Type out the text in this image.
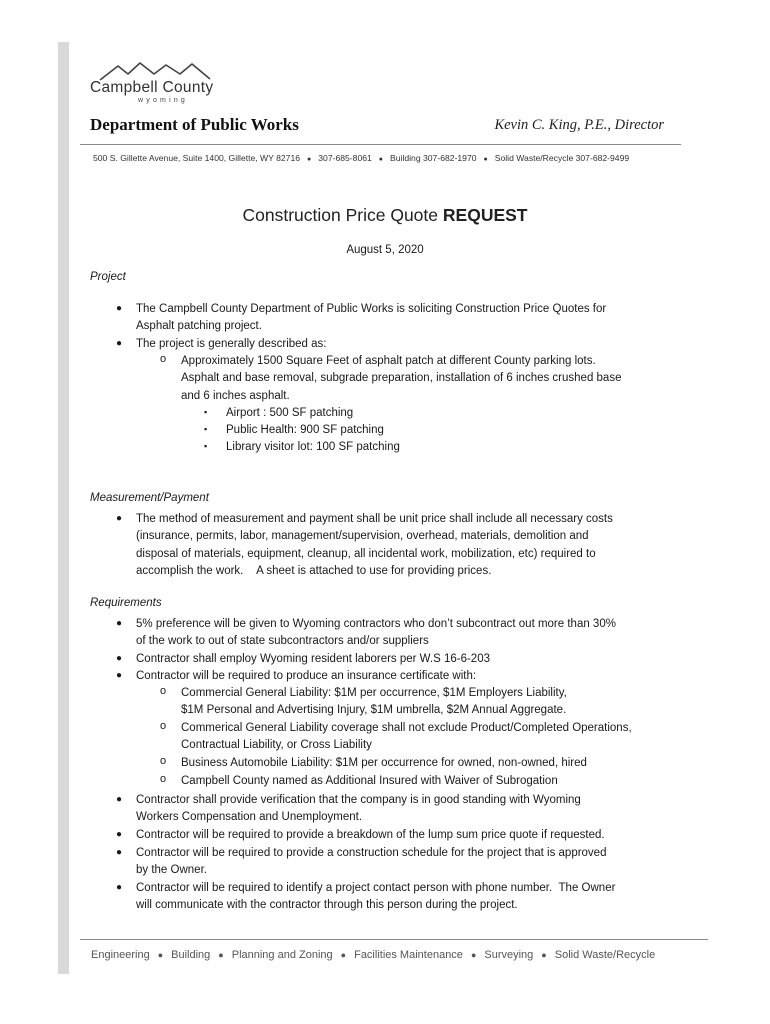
Campbell County
wyoming
Department of Public Works	Kevin C. King, P.E., Director
500 S. Gillette Avenue, Suite 1400, Gillette, WY 82716 ● 307-685-8061 ● Building 307-682-1970 ● Solid Waste/Recycle 307-682-9499
Construction Price Quote REQUEST
August 5, 2020
Project
● The Campbell County Department of Public Works is soliciting Construction Price Quotes for
Asphalt patching project.
● The project is generally described as:
o Approximately 1500 Square Feet of asphalt patch at different County parking lots.
Asphalt and base removal, subgrade preparation, installation of 6 inches crushed base
and 6 inches asphalt.
▪ Airport : 500 SF patching
▪ Public Health: 900 SF patching
▪ Library visitor lot: 100 SF patching
Measurement/Payment
● The method of measurement and payment shall be unit price shall include all necessary costs
(insurance, permits, labor, management/supervision, overhead, materials, demolition and
disposal of materials, equipment, cleanup, all incidental work, mobilization, etc) required to
accomplish the work.    A sheet is attached to use for providing prices.
Requirements
● 5% preference will be given to Wyoming contractors who don’t subcontract out more than 30%
of the work to out of state subcontractors and/or suppliers
● Contractor shall employ Wyoming resident laborers per W.S 16-6-203
● Contractor will be required to produce an insurance certificate with:
o Commercial General Liability: $1M per occurrence, $1M Employers Liability,
$1M Personal and Advertising Injury, $1M umbrella, $2M Annual Aggregate.
o Commerical General Liability coverage shall not exclude Product/Completed Operations,
Contractual Liability, or Cross Liability
o Business Automobile Liability: $1M per occurrence for owned, non-owned, hired
o Campbell County named as Additional Insured with Waiver of Subrogation
● Contractor shall provide verification that the company is in good standing with Wyoming
Workers Compensation and Unemployment.
● Contractor will be required to provide a breakdown of the lump sum price quote if requested.
● Contractor will be required to provide a construction schedule for the project that is approved
by the Owner.
● Contractor will be required to identify a project contact person with phone number.  The Owner
will communicate with the contractor through this person during the project.
Engineering ● Building ● Planning and Zoning ● Facilities Maintenance ● Surveying ● Solid Waste/Recycle
